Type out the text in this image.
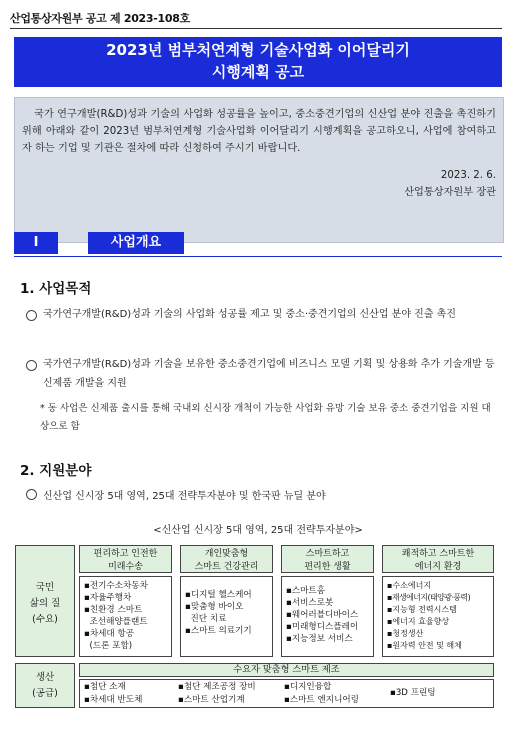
산업통상자원부 공고 제 2023-108호
2023년 범부처연계형 기술사업화 이어달리기
시행계획 공고

국가 연구개발(R&D)성과 기술의 사업화 성공률을 높이고, 중소중견기업의 신산업 분야 진출을 촉진하기 위해 아래와 같이 2023년 범부처연계형 기술사업화 이어달리기 시행계획을 공고하오니, 사업에 참여하고자 하는 기업 및 기관은 절차에 따라 신청하여 주시기 바랍니다.

2023. 2. 6.

산업통상자원부 장관

Ⅰ	사업개요
1. 사업목적
국가연구개발(R&D)성과 기술의 사업화 성공률 제고 및 중소·중견기업의 신산업 분야 진출 촉진
국가연구개발(R&D)성과 기술을 보유한 중소중견기업에 비즈니스 모델 기획 및 상용화 추가 기술개발 등 신제품 개발을 지원
* 동 사업은 신제품 출시를 통해 국내외 신시장 개척이 가능한 사업화 유망 기술 보유 중소 중견기업을 지원 대상으로 함
2. 지원분야
신산업 신시장 5대 영역, 25대 전략투자분야 및 한국판 뉴딜 분야
<신산업 신시장 5대 영역, 25대 전략투자분야>
국민
삶의 질
(수요)
편리하고 인전한
미래수송
개인맞춤형
스마트 건강관리
스마트하고
편리한 생활
쾌적하고 스마트한
에너지 환경
▪전기수소차동차
▪자율주행차
▪친환경 스마트
조선해양플랜트
▪차세대 항공
(드론 포함)
▪디지털 헬스케어
▪맞춤형 바이오
진단 치료
▪스마트 의료기기
▪스마트홈
▪서비스로봇
▪웨어러블디바이스
▪미래형디스플레이
▪지능정보 서비스
▪수소에너지
▪재생에너지(태양광·풍력)
▪지능형 전력시스템
▪에너지 효율향상
▪청정생산
▪원자력 안전 및 해체
생산
(공급)
수요자 맞춤형 스마트 제조
▪첨단 소재
▪차세대 반도체
▪첨단 제조공정 장비
▪스마트 산업기계
▪디지인융합
▪스마트 엔지니어링
▪3D 프린팅
